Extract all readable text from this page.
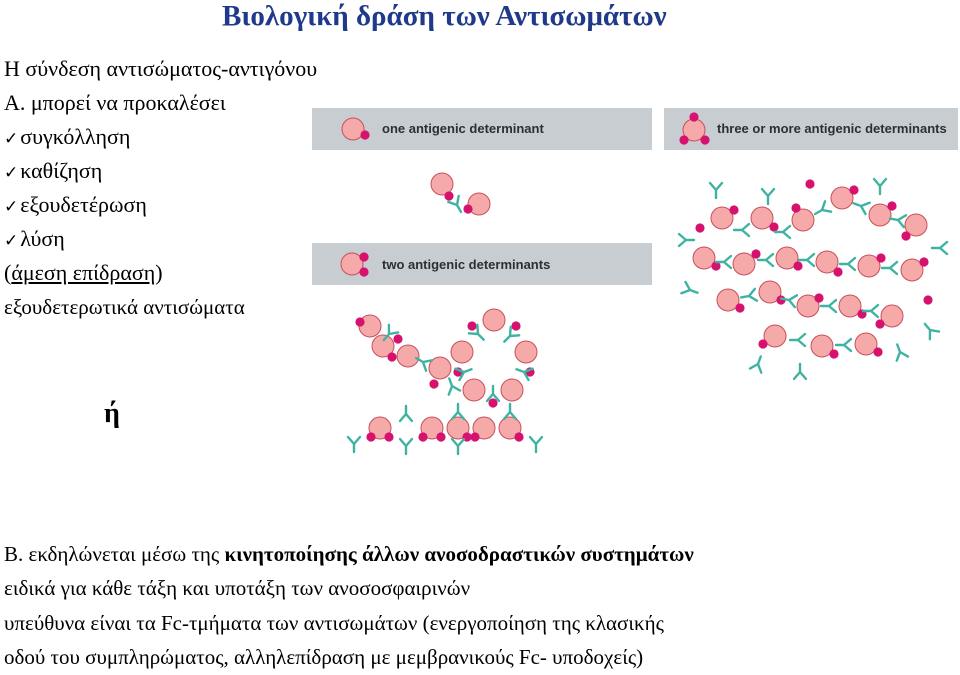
Βιολογική δράση των Αντισωμάτων
Η σύνδεση αντισώματος-αντιγόνου
Α. μπορεί να προκαλέσει
✓συγκόλληση
✓καθίζηση
✓εξουδετέρωση
✓λύση
(άμεση επίδραση)
εξουδετερωτικά αντισώματα
ή
one antigenic determinant
two antigenic determinants
three or more antigenic determinants
Β. εκδηλώνεται μέσω της κινητοποίησης άλλων ανοσοδραστικών συστημάτων
ειδικά για κάθε τάξη και υποτάξη των ανοσοσφαιρινών
υπεύθυνα είναι τα Fc-τμήματα των αντισωμάτων (ενεργοποίηση της κλασικής
οδού του συμπληρώματος, αλληλεπίδραση με μεμβρανικούς Fc- υποδοχείς)
